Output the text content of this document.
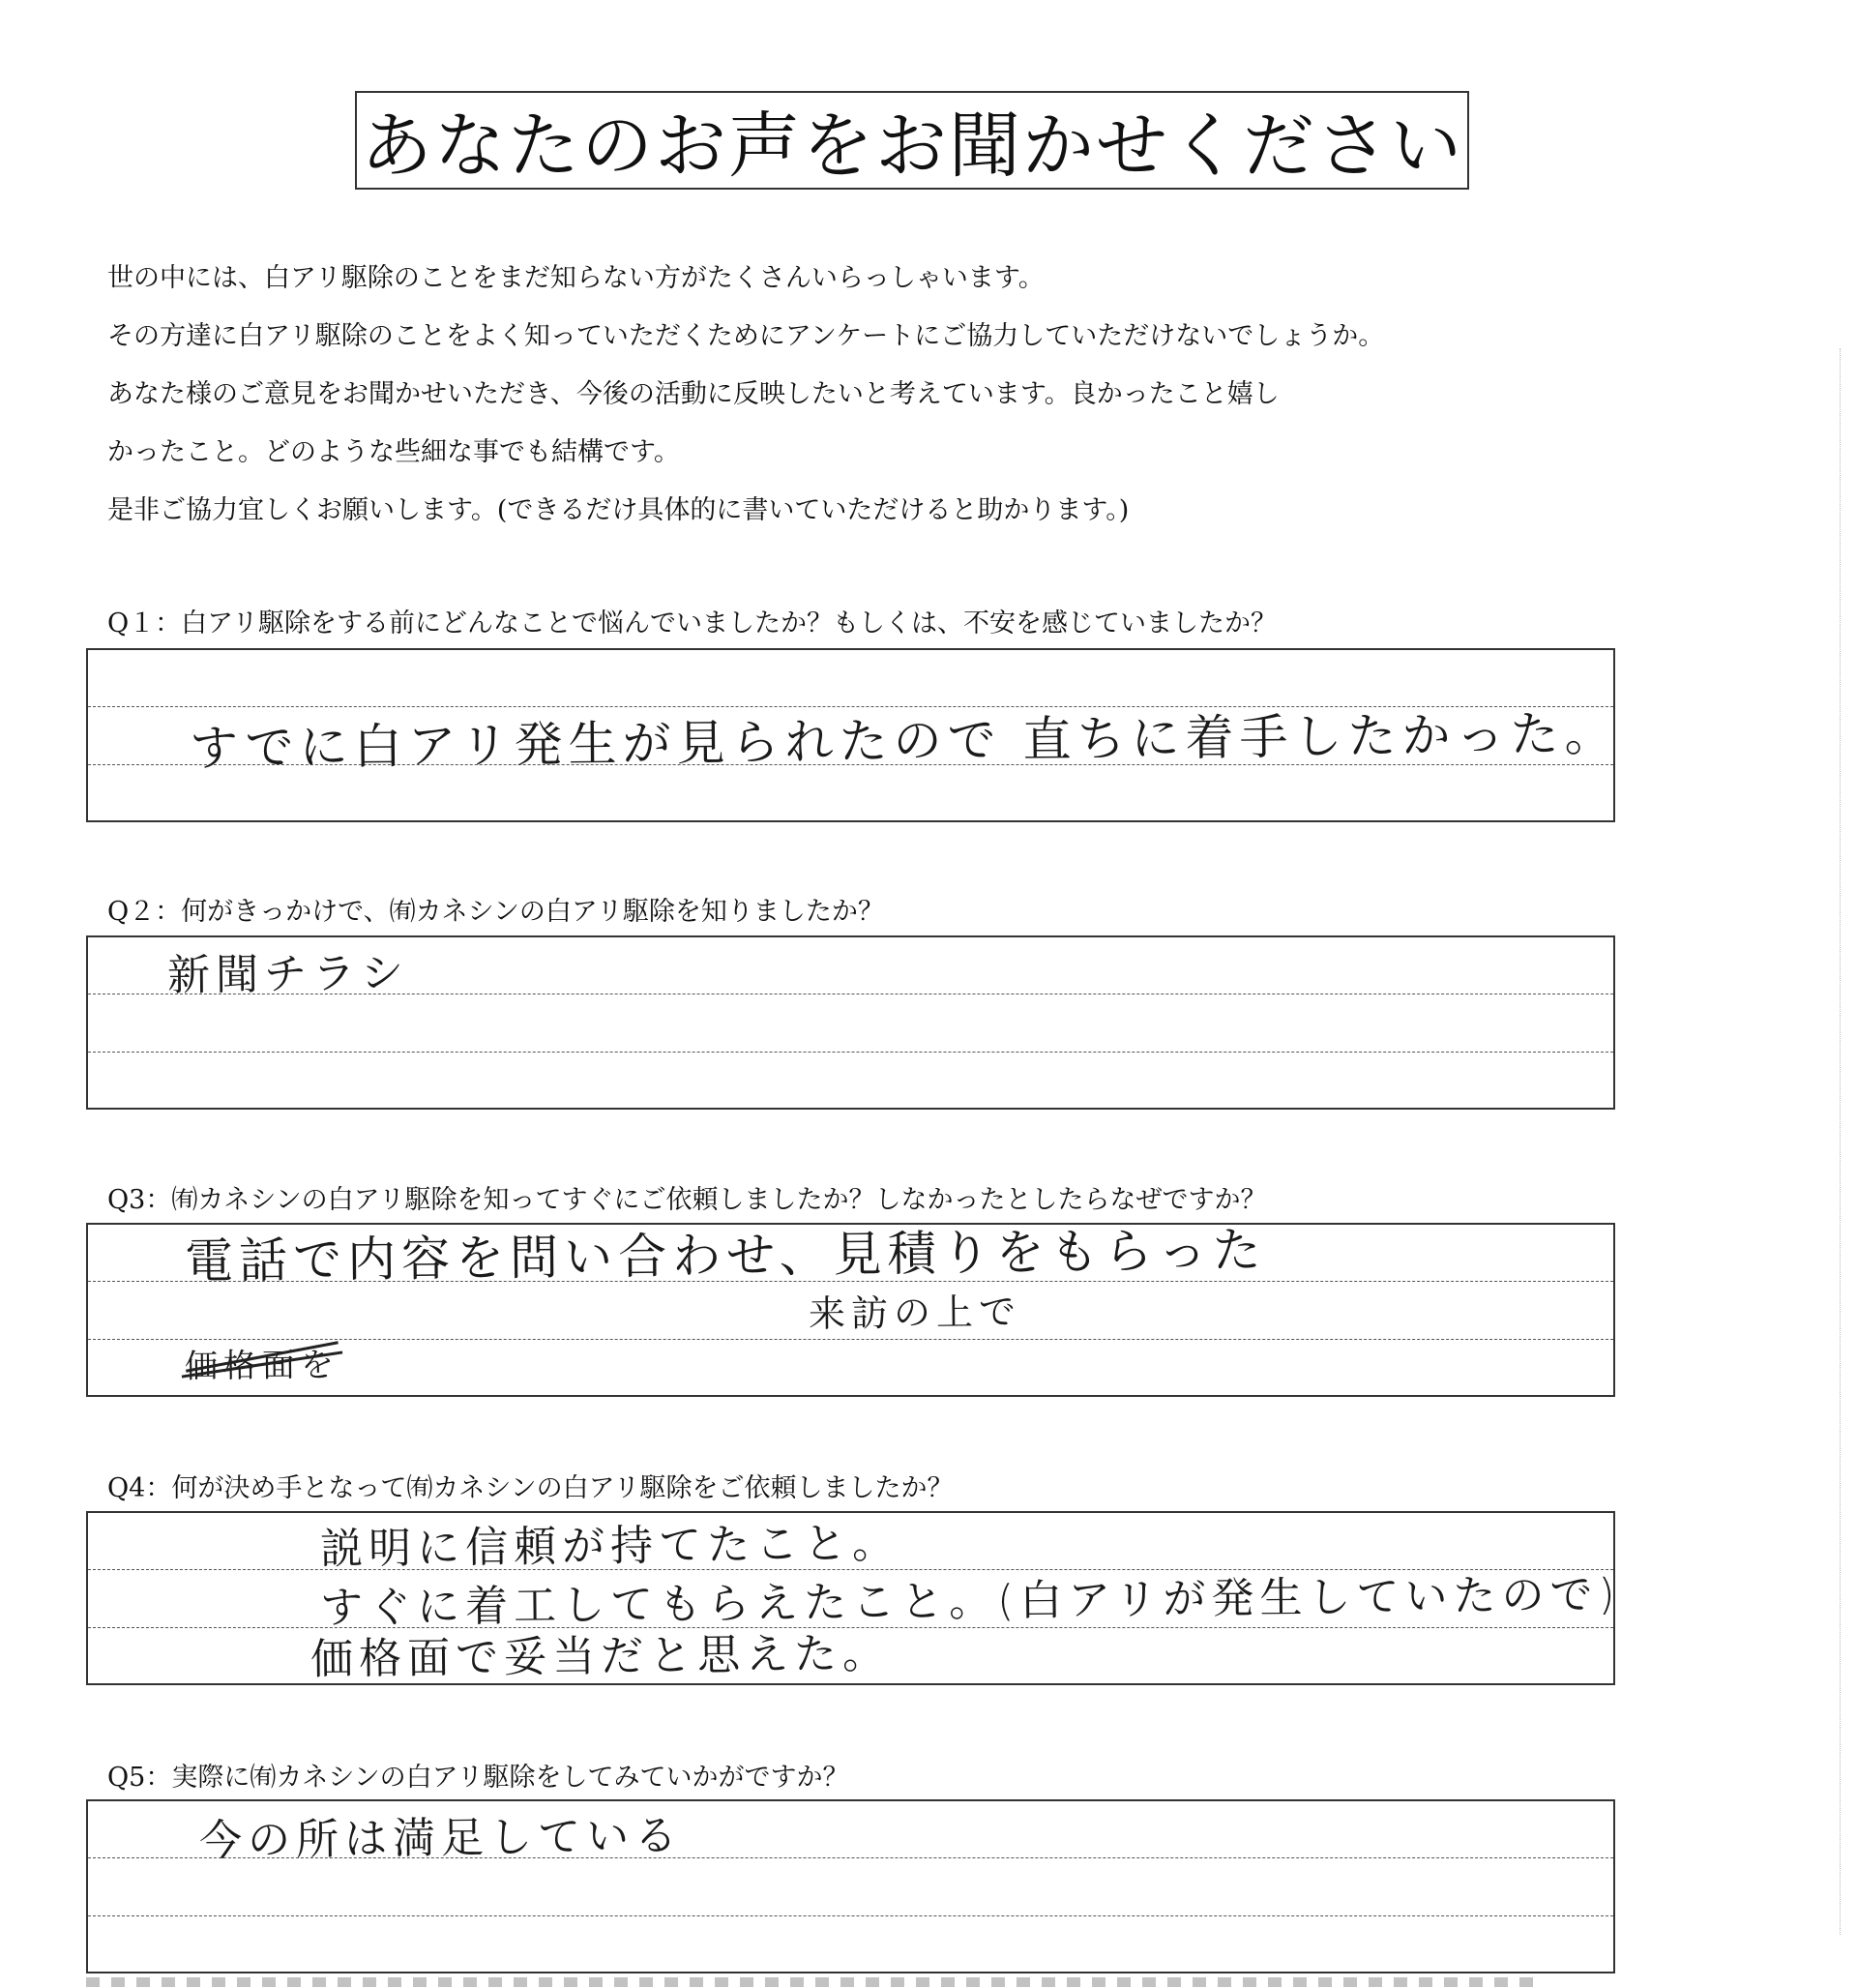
あなたのお声をお聞かせください

世の中には、白アリ駆除のことをまだ知らない方がたくさんいらっしゃいます。

その方達に白アリ駆除のことをよく知っていただくためにアンケートにご協力していただけないでしょうか。

あなた様のご意見をお聞かせいただき、今後の活動に反映したいと考えています。良かったこと嬉し

かったこと。どのような些細な事でも結構です。

是非ご協力宜しくお願いします。(できるだけ具体的に書いていただけると助かります。)

Q１：白アリ駆除をする前にどんなことで悩んでいましたか？もしくは、不安を感じていましたか？
すでに白アリ発生が見られたので 直ちに着手したかった。
Q２：何がきっかけで、㈲カネシンの白アリ駆除を知りましたか？
新聞チラシ
Q3：㈲カネシンの白アリ駆除を知ってすぐにご依頼しましたか？しなかったとしたらなぜですか？
電話で内容を問い合わせ、見積りをもらった
来訪の上で
価格面を
Q4：何が決め手となって㈲カネシンの白アリ駆除をご依頼しましたか？
説明に信頼が持てたこと。
すぐに着工してもらえたこと。(白アリが発生していたので)
価格面で妥当だと思えた。
Q5：実際に㈲カネシンの白アリ駆除をしてみていかがですか？
今の所は満足している
